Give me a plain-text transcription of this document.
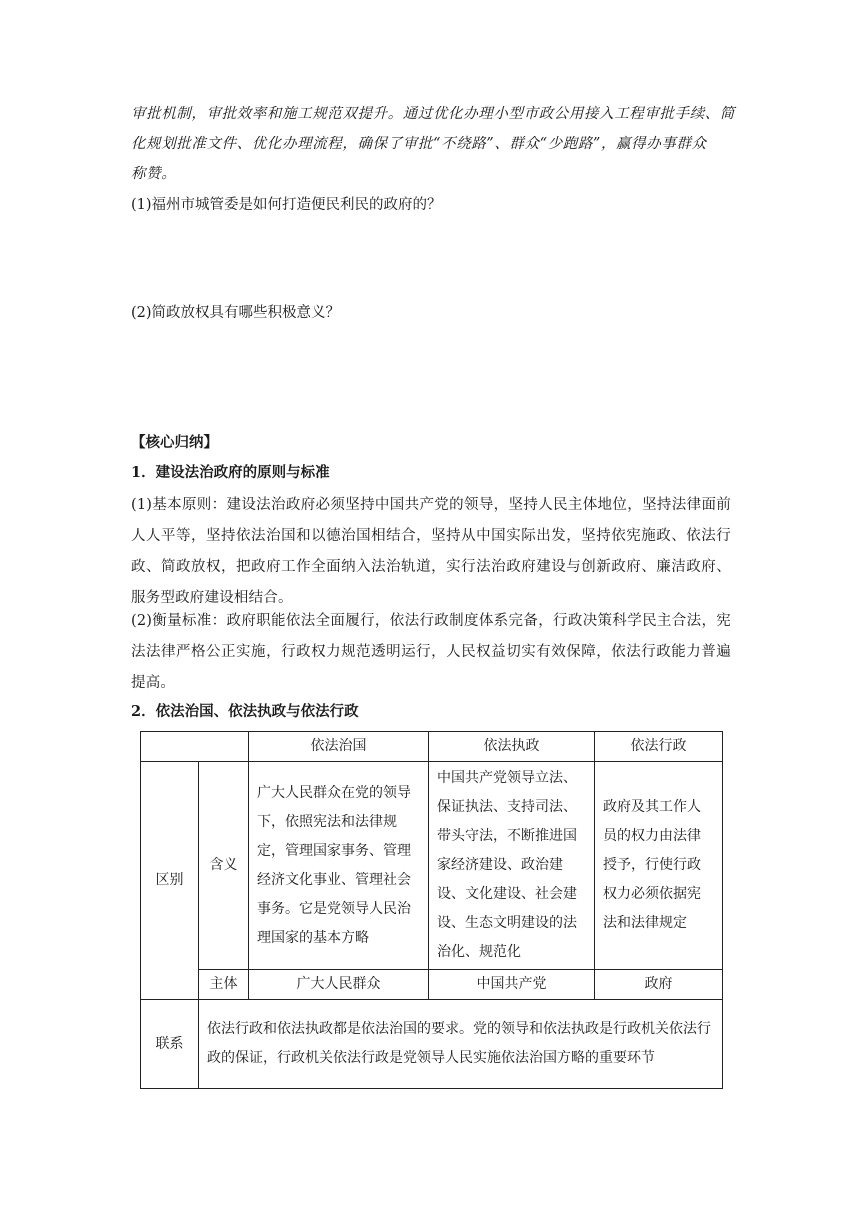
审批机制，审批效率和施工规范双提升。通过优化办理小型市政公用接入工程审批手续、简
化规划批准文件、优化办理流程，确保了审批“不绕路”、群众“少跑路”，赢得办事群众
称赞。
(1)福州市城管委是如何打造便民利民的政府的？
(2)简政放权具有哪些积极意义？
【核心归纳】
1．建设法治政府的原则与标准
(1)基本原则：建设法治政府必须坚持中国共产党的领导，坚持人民主体地位，坚持法律面前人人平等，坚持依法治国和以德治国相结合，坚持从中国实际出发，坚持依宪施政、依法行政、简政放权，把政府工作全面纳入法治轨道，实行法治政府建设与创新政府、廉洁政府、服务型政府建设相结合。
(2)衡量标准：政府职能依法全面履行，依法行政制度体系完备，行政决策科学民主合法，宪法法律严格公正实施，行政权力规范透明运行，人民权益切实有效保障，依法行政能力普遍提高。
2．依法治国、依法执政与依法行政
		依法治国	依法执政	依法行政
区别	含义	广大人民群众在党的领导下，依照宪法和法律规定，管理国家事务、管理经济文化事业、管理社会事务。它是党领导人民治理国家的基本方略	中国共产党领导立法、保证执法、支持司法、带头守法，不断推进国家经济建设、政治建设、文化建设、社会建设、生态文明建设的法治化、规范化	政府及其工作人员的权力由法律授予，行使行政权力必须依据宪法和法律规定
	主体	广大人民群众	中国共产党	政府
联系	依法行政和依法执政都是依法治国的要求。党的领导和依法执政是行政机关依法行政的保证，行政机关依法行政是党领导人民实施依法治国方略的重要环节			
